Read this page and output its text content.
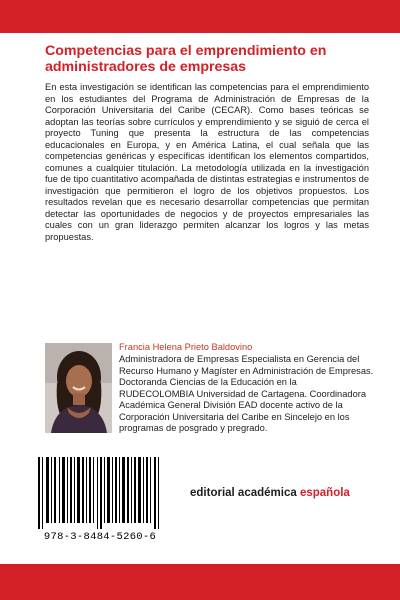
Competencias para el emprendimiento en administradores de empresas

En esta investigación se identifican las competencias para el emprendimiento en los estudiantes del Programa de Administración de Empresas de la Corporación Universitaria del Caribe (CECAR). Como bases teóricas se adoptan las teorías sobre currículos y emprendimiento y se siguió de cerca el proyecto Tuning que presenta la estructura de las competencias educacionales en Europa, y en América Latina, el cual señala que las competencias genéricas y específicas identifican los elementos compartidos, comunes a cualquier titulación. La metodología utilizada en la investigación fue de tipo cuantitativo acompañada de distintas estrategias e instrumentos de investigación que permitieron el logro de los objetivos propuestos. Los resultados revelan que es necesario desarrollar competencias que permitan detectar las oportunidades de negocios y de proyectos empresariales las cuales con un gran liderazgo permiten alcanzar los logros y las metas propuestas.

Francia Helena Prieto Baldovino

Administradora de Empresas Especialista en Gerencia del Recurso Humano y Magíster en Administración de Empresas. Doctoranda Ciencias de la Educación en la RUDECOLOMBIA Universidad de Cartagena. Coordinadora Académica General División EAD docente activo de la Corporación Universitaria del Caribe en Sincelejo en los programas de posgrado y pregrado.

978-3-8484-5260-6

editorial académica española
